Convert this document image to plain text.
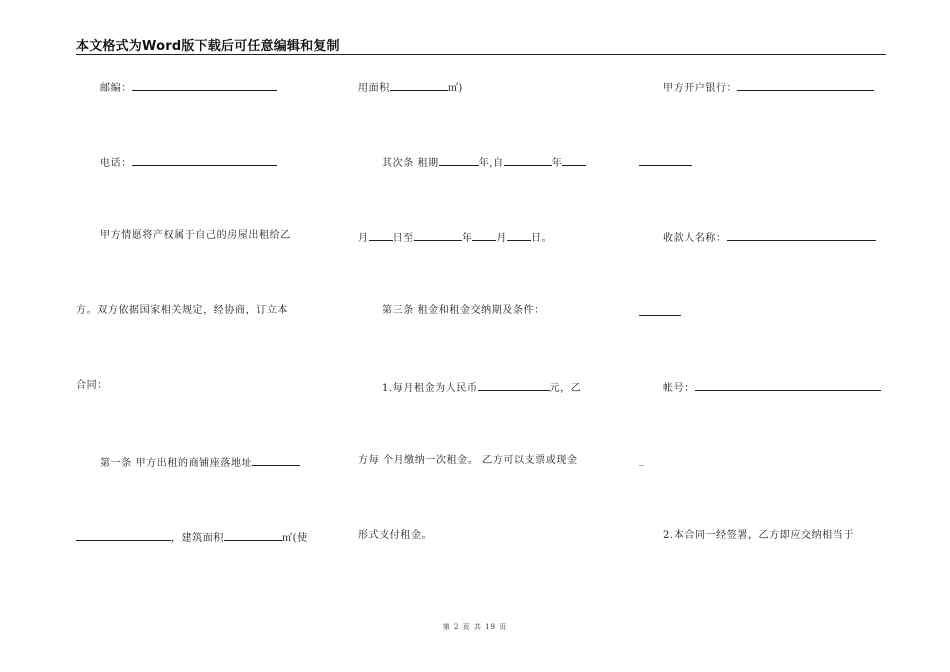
本文格式为Word版下载后可任意编辑和复制
邮编：
电话：
甲方情愿将产权属于自己的房屋出租给乙
方。双方依据国家相关规定，经协商，订立本
合同：
第一条 甲方出租的商铺座落地址
，建筑面积	㎡(使
用面积	㎡)
其次条 租期	年,自	年
月 日至	年 月 日。
第三条 租金和租金交纳期及条件：
1.每月租金为人民币	元，乙
方每 个月缴纳一次租金。 乙方可以支票或现金
形式支付租金。
甲方开户银行：
收款人名称：
帐号：
_
2.本合同一经签署，乙方即应交纳相当于
第 2 页 共 19 页
